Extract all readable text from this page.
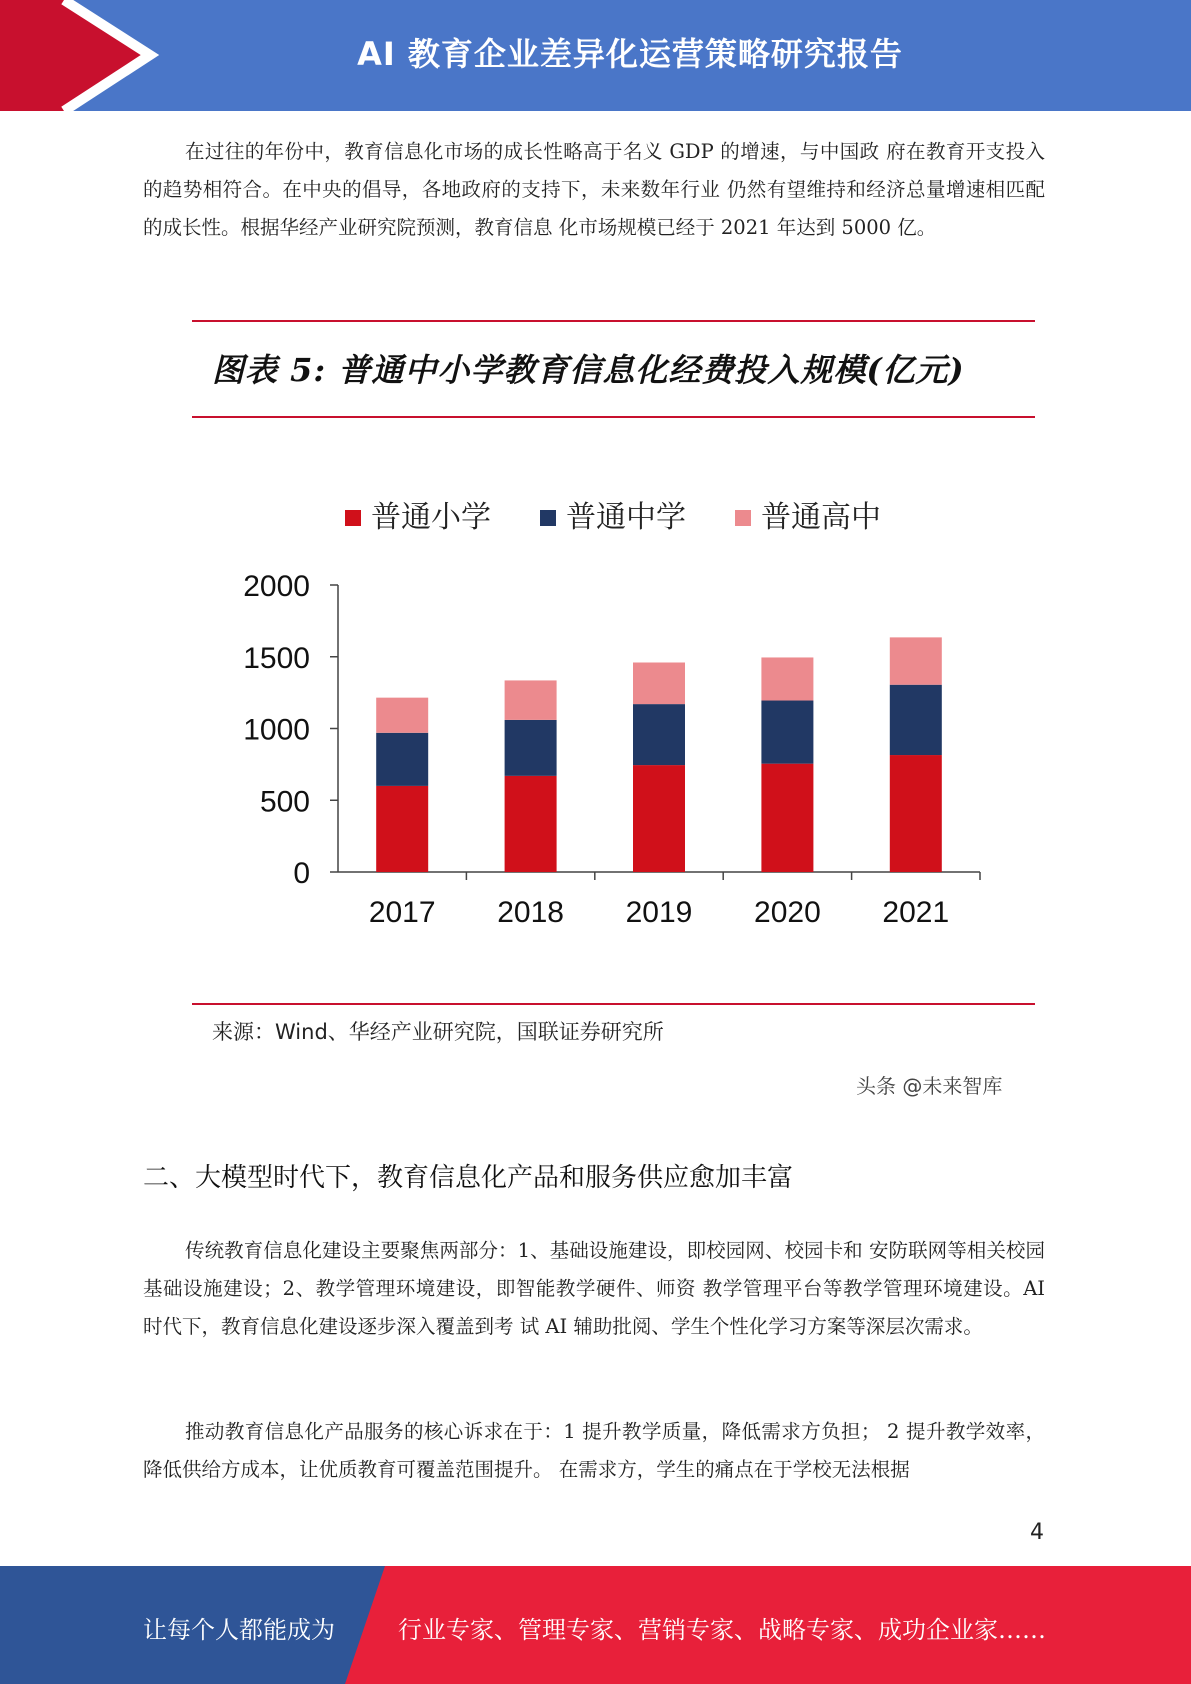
AI 教育企业差异化运营策略研究报告

在过往的年份中，教育信息化市场的成长性略高于名义 GDP 的增速，与中国政 府在教育开支投入的趋势相符合。在中央的倡导，各地政府的支持下，未来数年行业 仍然有望维持和经济总量增速相匹配的成长性。根据华经产业研究院预测，教育信息 化市场规模已经于 2021 年达到 5000 亿。

图表 5: 普通中小学教育信息化经费投入规模(亿元)
普通小学	普通中学	普通高中
0
500
1000
1500
2000
2017 2018 2019 2020 2021
来源：Wind、华经产业研究院，国联证券研究所
头条 @未来智库
二、大模型时代下，教育信息化产品和服务供应愈加丰富

传统教育信息化建设主要聚焦两部分：1、基础设施建设，即校园网、校园卡和 安防联网等相关校园基础设施建设；2、教学管理环境建设，即智能教学硬件、师资 教学管理平台等教学管理环境建设。AI 时代下，教育信息化建设逐步深入覆盖到考 试 AI 辅助批阅、学生个性化学习方案等深层次需求。

推动教育信息化产品服务的核心诉求在于：1 提升教学质量，降低需求方负担； 2 提升教学效率，降低供给方成本，让优质教育可覆盖范围提升。 在需求方，学生的痛点在于学校无法根据

4
让每个人都能成为	行业专家、管理专家、营销专家、战略专家、成功企业家……
